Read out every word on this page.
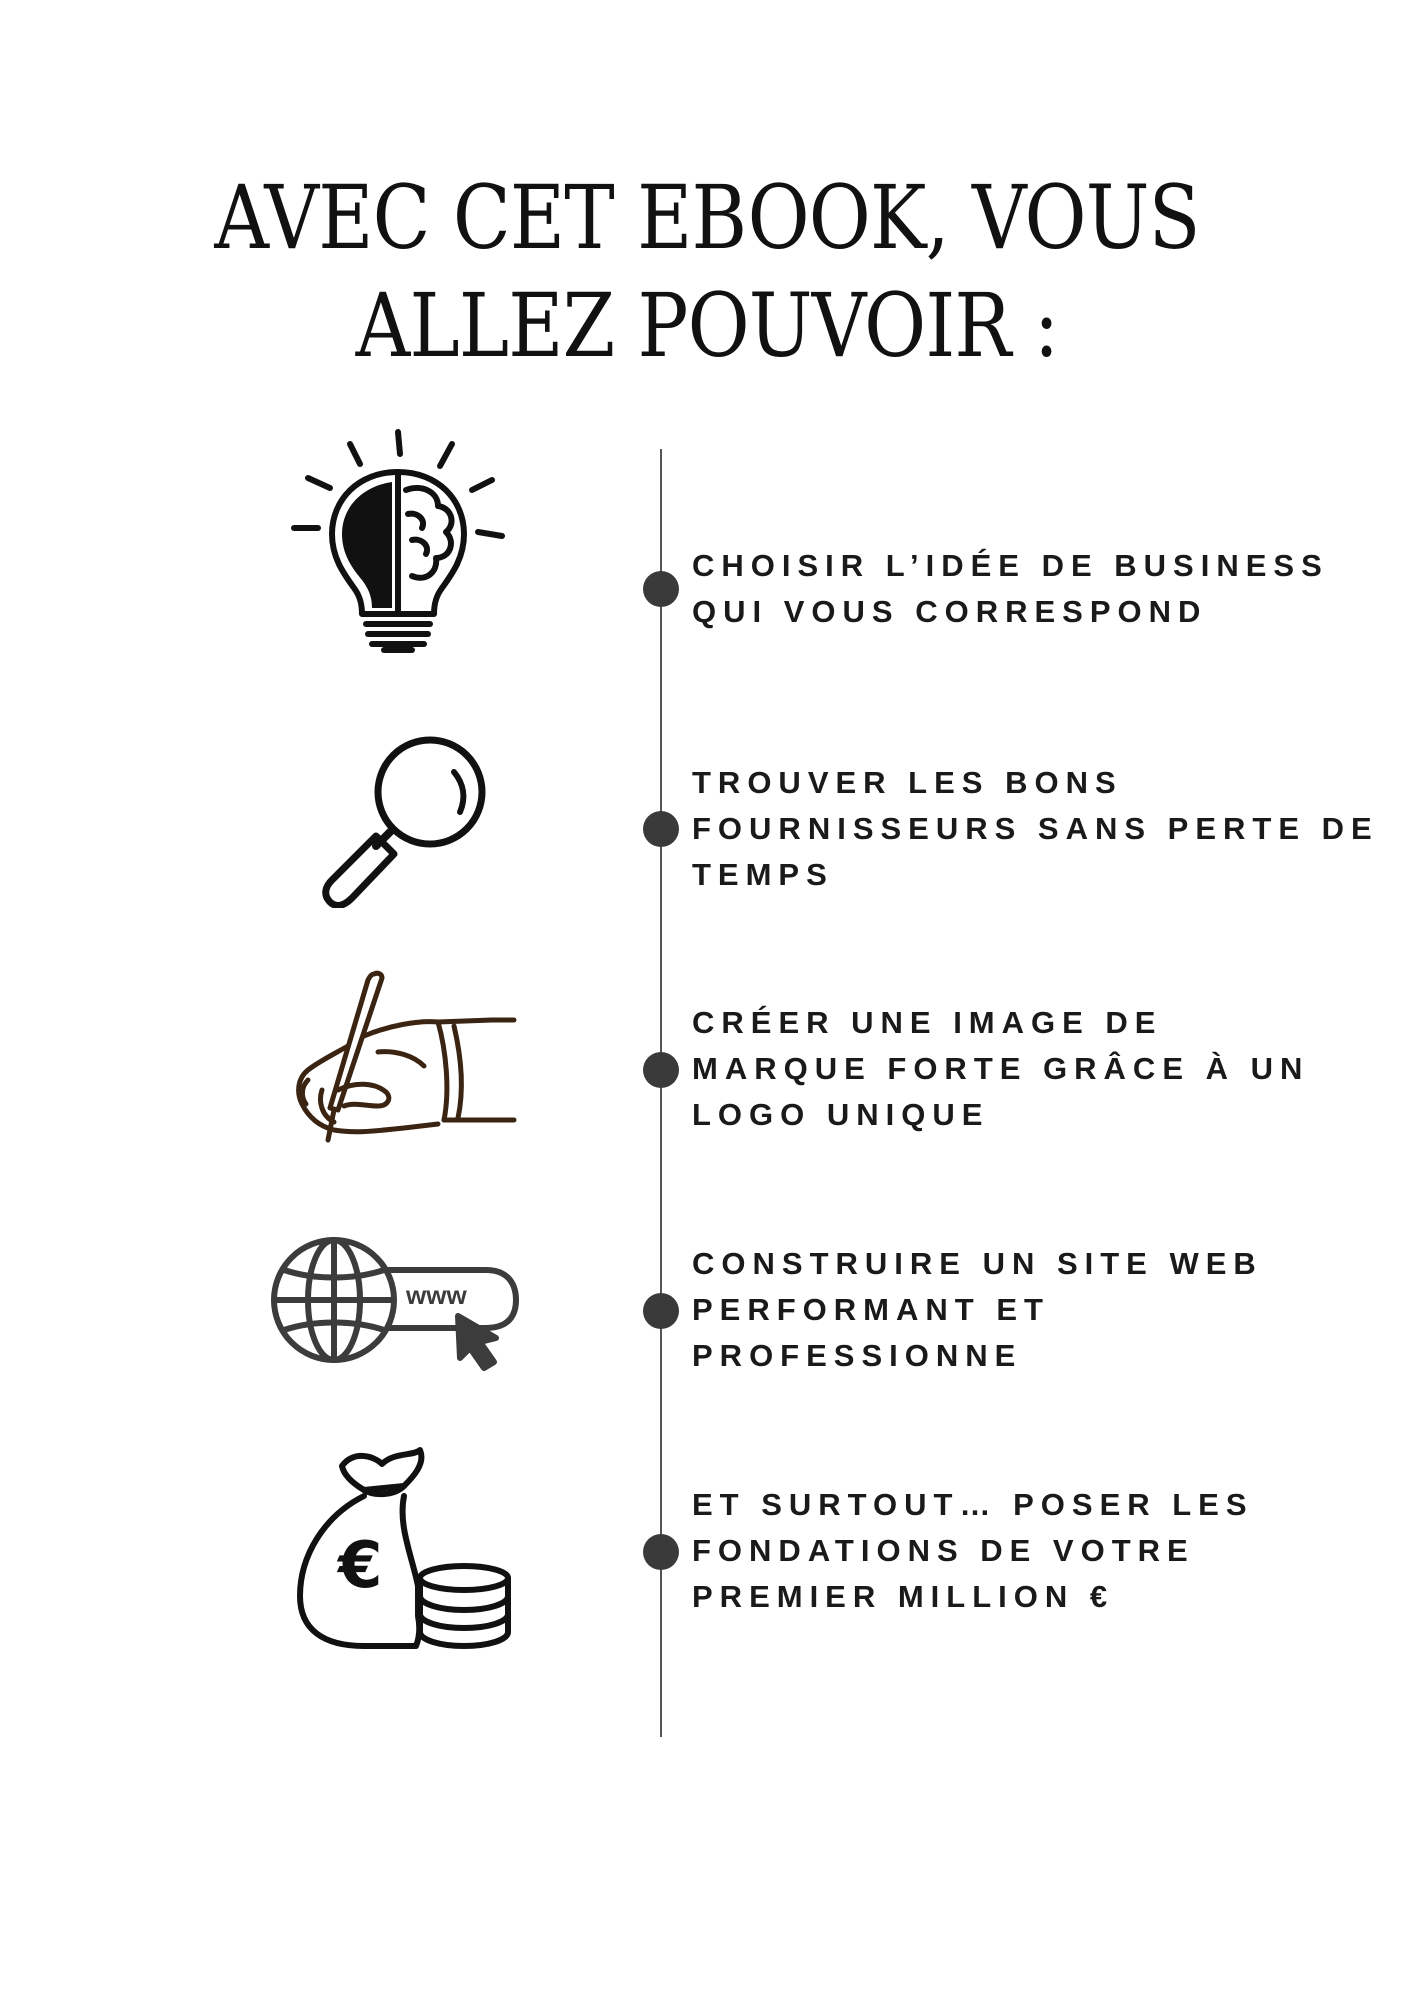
AVEC CET EBOOK, VOUS
ALLEZ POUVOIR :
CHOISIR L’IDÉE DE BUSINESS
QUI VOUS CORRESPOND
TROUVER LES BONS
FOURNISSEURS SANS PERTE DE
TEMPS
CRÉER UNE IMAGE DE
MARQUE FORTE GRÂCE À UN
LOGO UNIQUE
www
CONSTRUIRE UN SITE WEB
PERFORMANT ET
PROFESSIONNE
€
ET SURTOUT… POSER LES
FONDATIONS DE VOTRE
PREMIER MILLION €
